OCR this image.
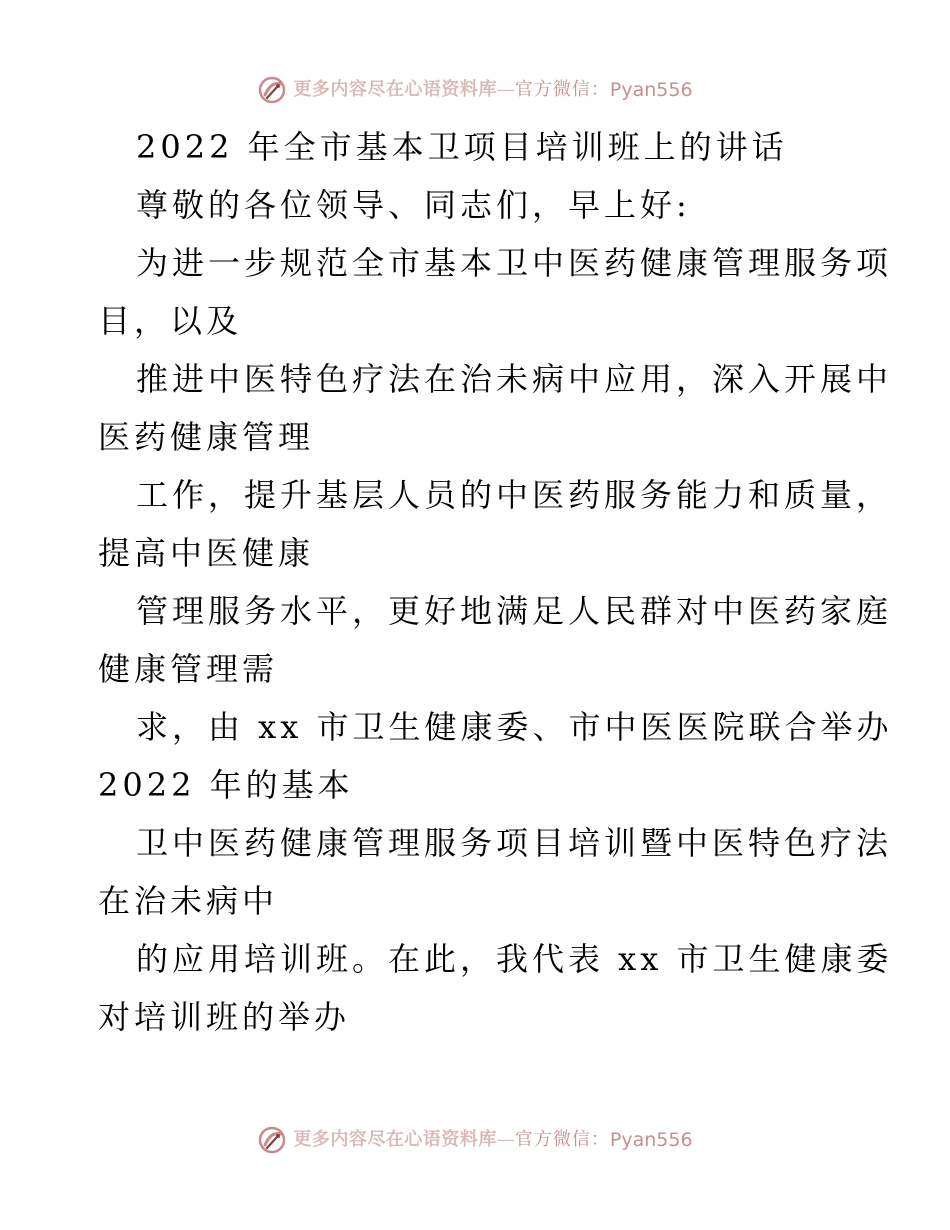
更多内容尽在心语资料库 — 官方微信： Pyan556
2022 年全市基本卫项目培训班上的讲话
尊敬的各位领导、同志们，早上好:
为进一步规范全市基本卫中医药健康管理服务项
目，以及
推进中医特色疗法在治未病中应用，深入开展中
医药健康管理
工作，提升基层人员的中医药服务能力和质量，
提高中医健康
管理服务水平，更好地满足人民群对中医药家庭
健康管理需
求，由 xx 市卫生健康委、市中医医院联合举办
2022 年的基本
卫中医药健康管理服务项目培训暨中医特色疗法
在治未病中
的应用培训班。在此，我代表 xx 市卫生健康委
对培训班的举办
更多内容尽在心语资料库 — 官方微信： Pyan556
